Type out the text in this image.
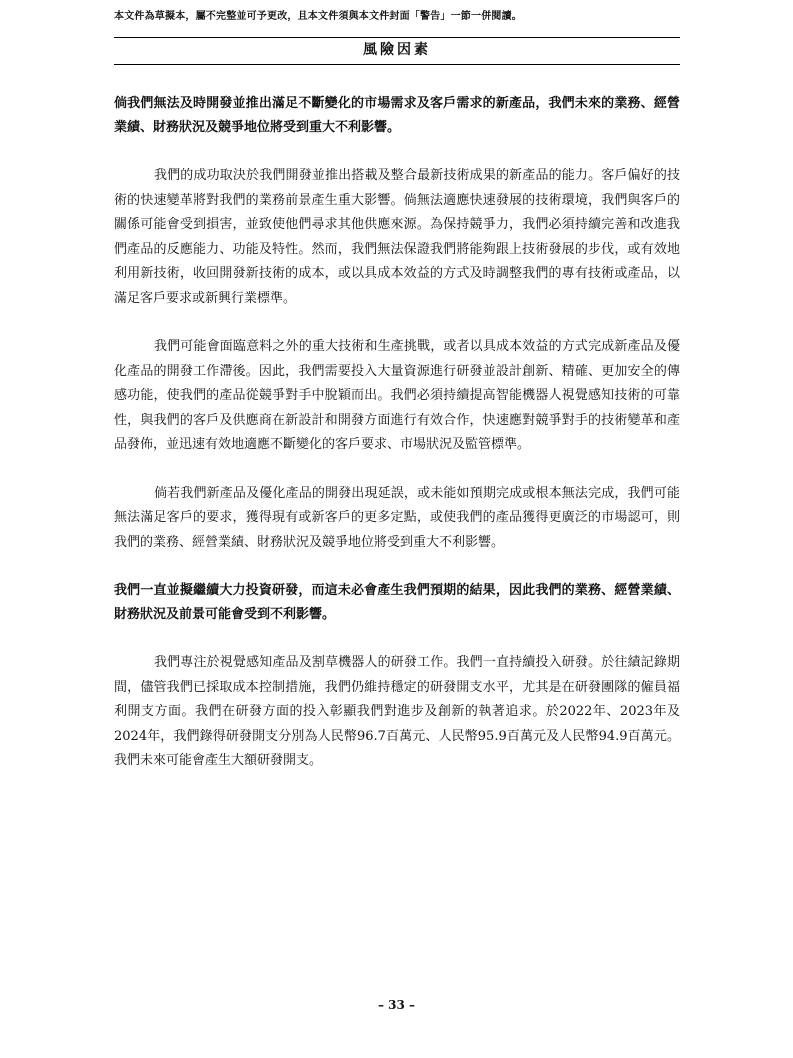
本文件為草擬本，屬不完整並可予更改，且本文件須與本文件封面「警告」一節一併閱讀。
風險因素

倘我們無法及時開發並推出滿足不斷變化的市場需求及客戶需求的新產品，我們未來的業務、經營業績、財務狀況及競爭地位將受到重大不利影響。

我們的成功取決於我們開發並推出搭載及整合最新技術成果的新產品的能力。客戶偏好的技術的快速變革將對我們的業務前景產生重大影響。倘無法適應快速發展的技術環境，我們與客戶的關係可能會受到損害，並致使他們尋求其他供應來源。為保持競爭力，我們必須持續完善和改進我們產品的反應能力、功能及特性。然而，我們無法保證我們將能夠跟上技術發展的步伐，或有效地利用新技術，收回開發新技術的成本，或以具成本效益的方式及時調整我們的專有技術或產品，以滿足客戶要求或新興行業標準。

我們可能會面臨意料之外的重大技術和生產挑戰，或者以具成本效益的方式完成新產品及優化產品的開發工作滯後。因此，我們需要投入大量資源進行研發並設計創新、精確、更加安全的傳感功能，使我們的產品從競爭對手中脫穎而出。我們必須持續提高智能機器人視覺感知技術的可靠性，與我們的客戶及供應商在新設計和開發方面進行有效合作，快速應對競爭對手的技術變革和產品發佈，並迅速有效地適應不斷變化的客戶要求、市場狀況及監管標準。

倘若我們新產品及優化產品的開發出現延誤，或未能如預期完成或根本無法完成，我們可能無法滿足客戶的要求，獲得現有或新客戶的更多定點，或使我們的產品獲得更廣泛的市場認可，則我們的業務、經營業績、財務狀況及競爭地位將受到重大不利影響。

我們一直並擬繼續大力投資研發，而這未必會產生我們預期的結果，因此我們的業務、經營業績、財務狀況及前景可能會受到不利影響。

我們專注於視覺感知產品及割草機器人的研發工作。我們一直持續投入研發。於往績記錄期間，儘管我們已採取成本控制措施，我們仍維持穩定的研發開支水平，尤其是在研發團隊的僱員福利開支方面。我們在研發方面的投入彰顯我們對進步及創新的執著追求。於2022年、2023年及2024年，我們錄得研發開支分別為人民幣96.7百萬元、人民幣95.9百萬元及人民幣94.9百萬元。我們未來可能會產生大額研發開支。

– 33 –
